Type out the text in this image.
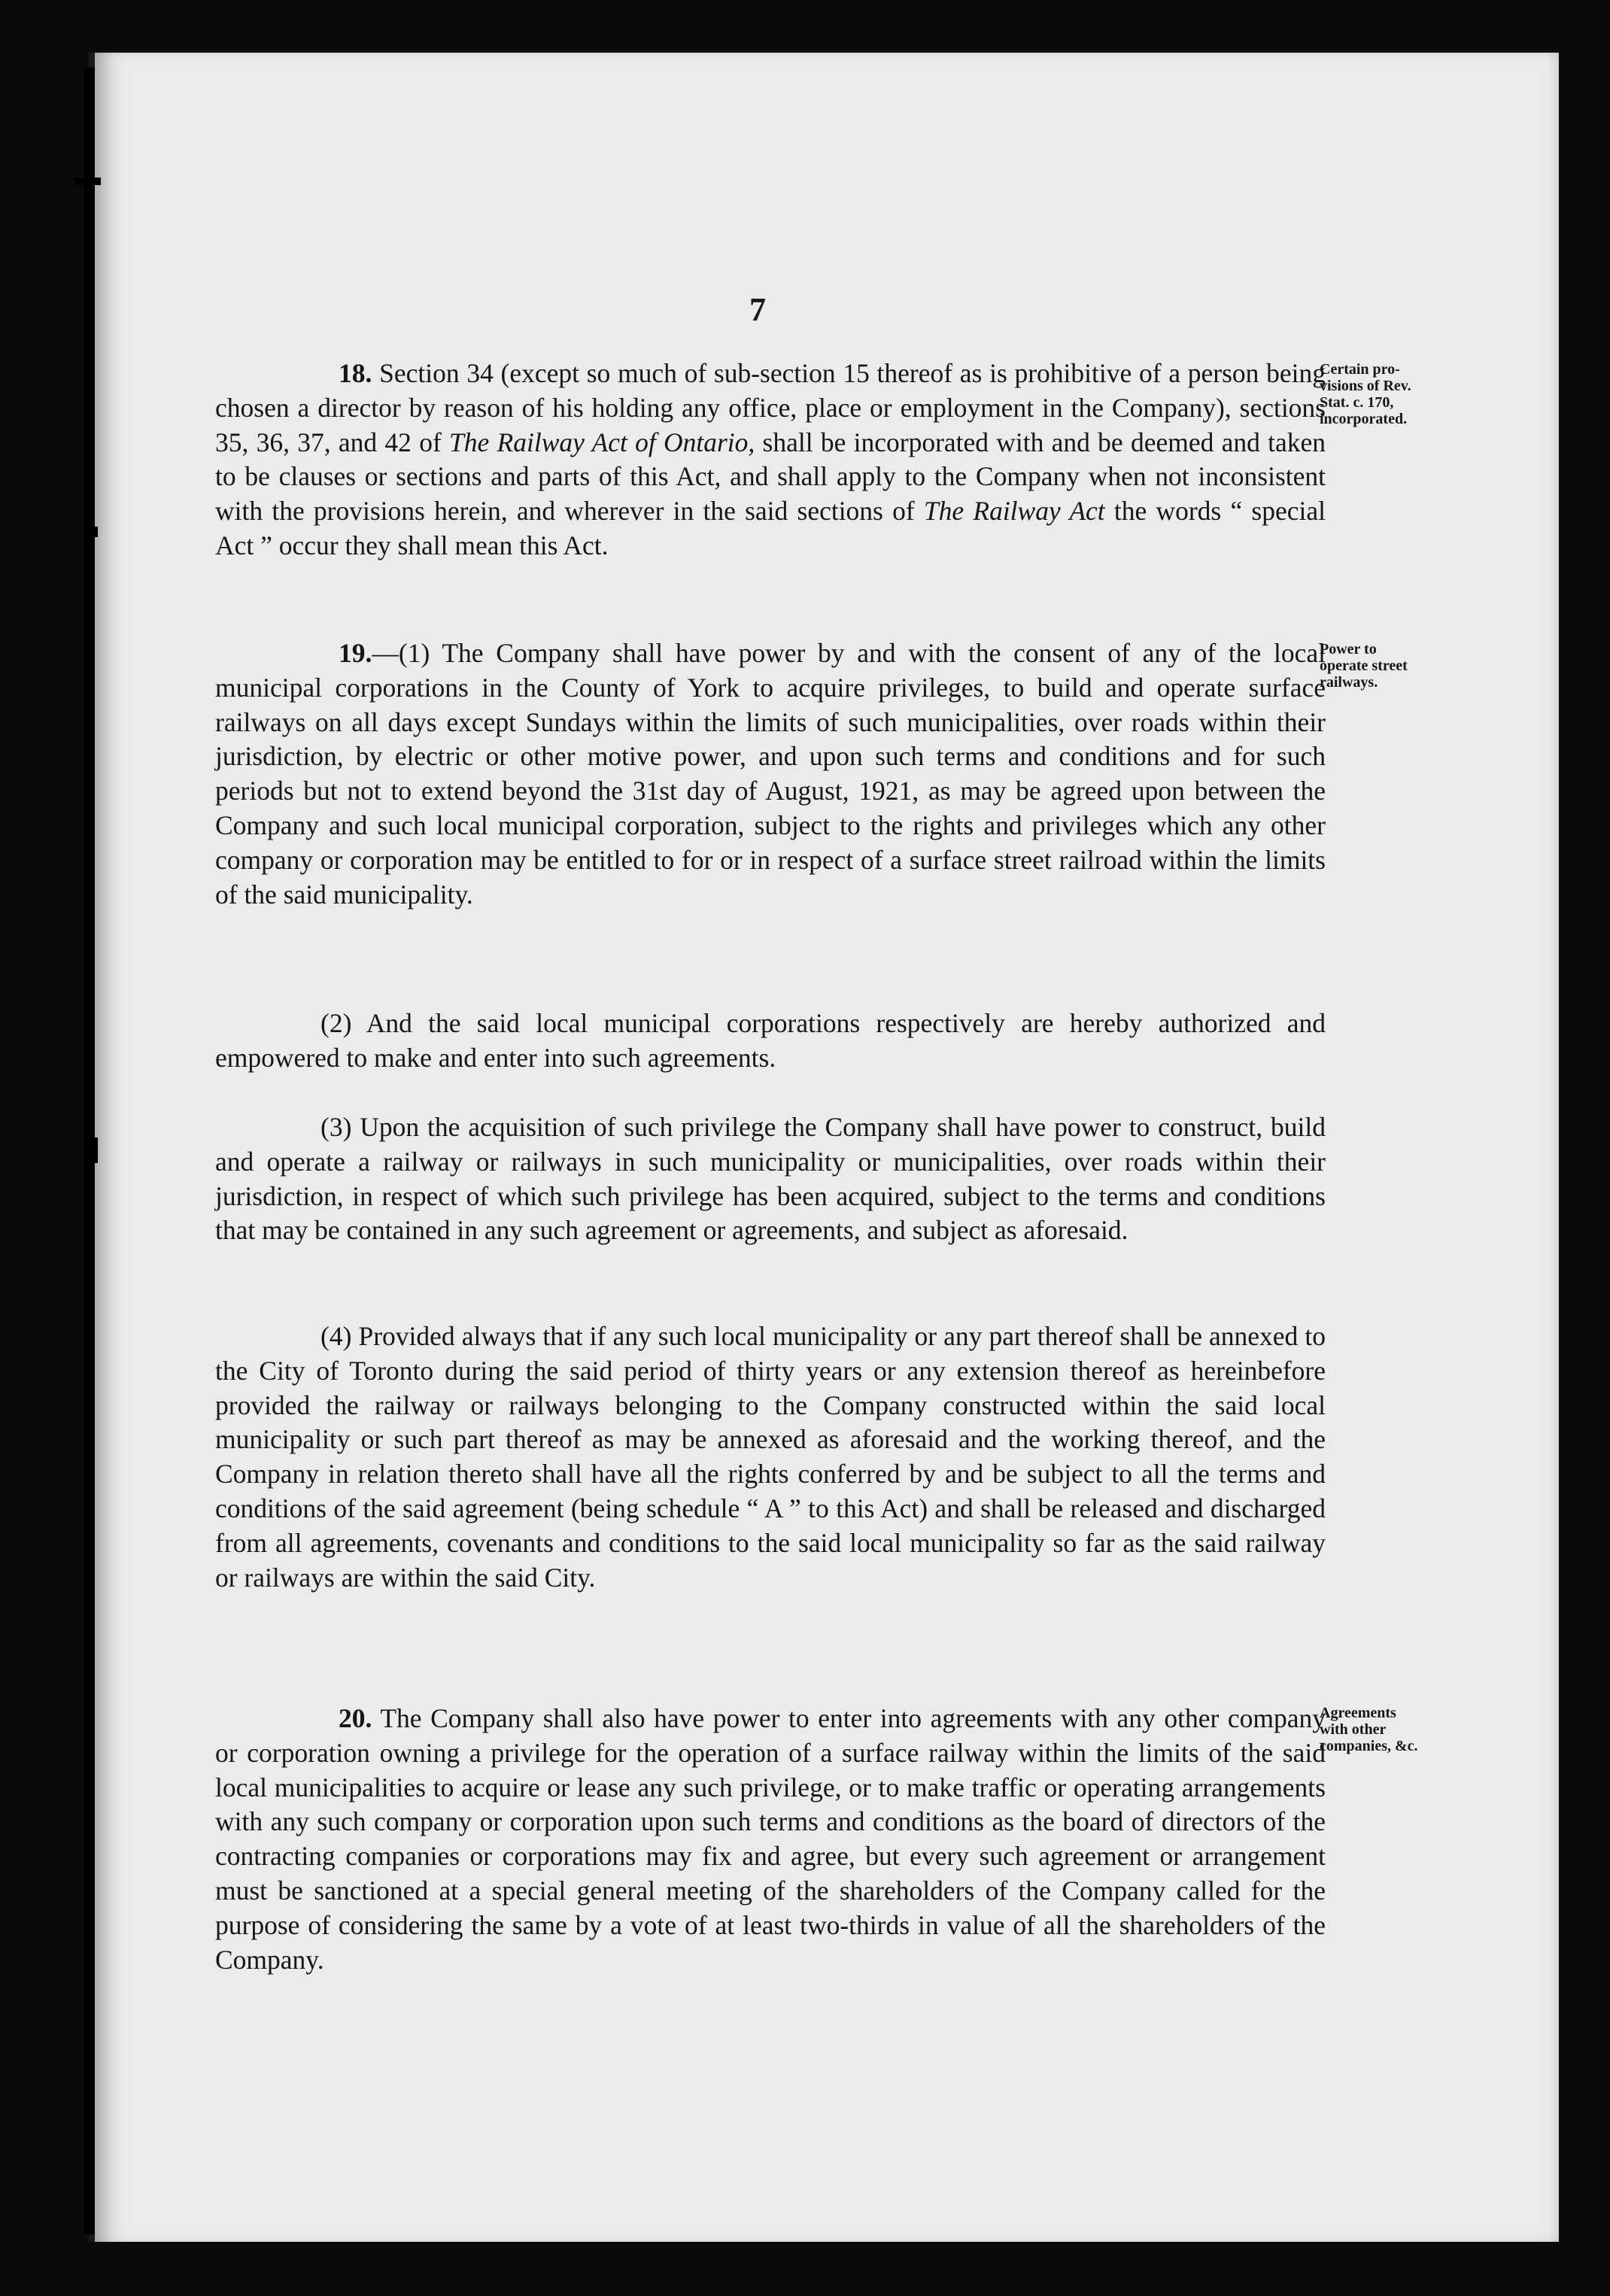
7
18. Section 34 (except so much of sub-section 15 thereof as is prohibitive of a person being chosen a director by reason of his holding any office, place or employment in the Company), sections 35, 36, 37, and 42 of The Railway Act of Ontario, shall be incorporated with and be deemed and taken to be clauses or sections and parts of this Act, and shall apply to the Company when not inconsistent with the provisions herein, and wherever in the said sections of The Railway Act the words “ special Act ” occur they shall mean this Act.
Certain pro-
visions of Rev.
Stat. c. 170,
incorporated.
19.—(1) The Company shall have power by and with the consent of any of the local municipal corporations in the County of York to acquire privileges, to build and operate surface railways on all days except Sundays within the limits of such municipalities, over roads within their jurisdiction, by electric or other motive power, and upon such terms and conditions and for such periods but not to extend beyond the 31st day of August, 1921, as may be agreed upon between the Company and such local municipal corporation, subject to the rights and privileges which any other company or corporation may be entitled to for or in respect of a surface street railroad within the limits of the said municipality.
Power to
operate street
railways.
(2) And the said local municipal corporations respectively are hereby authorized and empowered to make and enter into such agreements.
(3) Upon the acquisition of such privilege the Company shall have power to construct, build and operate a railway or railways in such municipality or municipalities, over roads within their jurisdiction, in respect of which such privilege has been acquired, subject to the terms and conditions that may be contained in any such agreement or agreements, and subject as aforesaid.
(4) Provided always that if any such local municipality or any part thereof shall be annexed to the City of Toronto during the said period of thirty years or any extension thereof as hereinbefore provided the railway or railways belonging to the Company constructed within the said local municipality or such part thereof as may be annexed as aforesaid and the working thereof, and the Company in relation thereto shall have all the rights conferred by and be subject to all the terms and conditions of the said agreement (being schedule “ A ” to this Act) and shall be released and discharged from all agreements, covenants and conditions to the said local municipality so far as the said railway or railways are within the said City.
20. The Company shall also have power to enter into agreements with any other company or corporation owning a privilege for the operation of a surface railway within the limits of the said local municipalities to acquire or lease any such privilege, or to make traffic or operating arrangements with any such company or corporation upon such terms and conditions as the board of directors of the contracting companies or corporations may fix and agree, but every such agreement or arrangement must be sanctioned at a special general meeting of the shareholders of the Company called for the purpose of considering the same by a vote of at least two-thirds in value of all the shareholders of the Company.
Agreements
with other
companies, &c.
